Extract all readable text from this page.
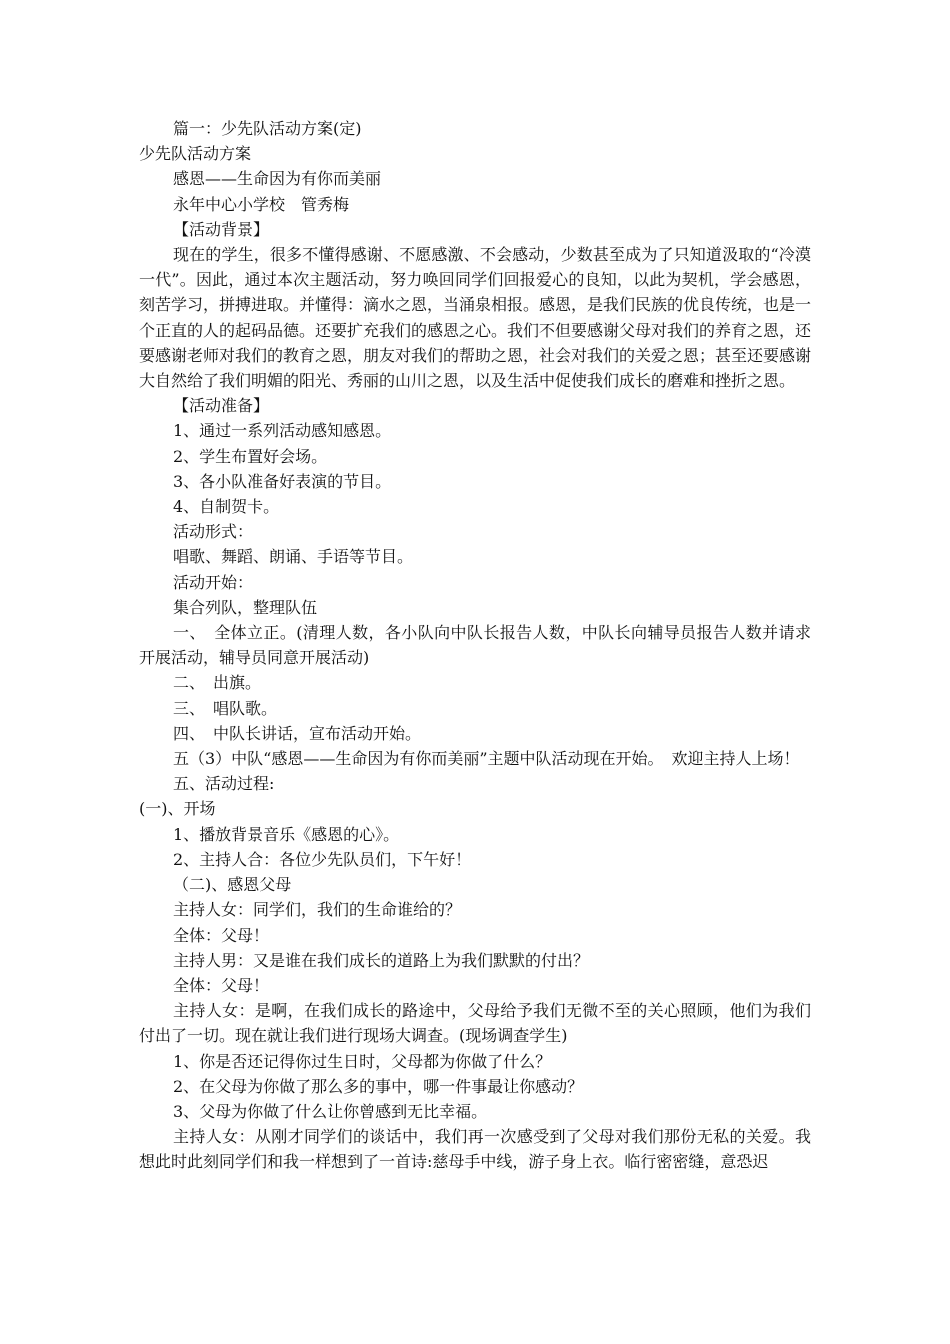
篇一：少先队活动方案(定)

少先队活动方案

感恩——生命因为有你而美丽

永年中心小学校　管秀梅

【活动背景】

现在的学生，很多不懂得感谢、不愿感激、不会感动，少数甚至成为了只知道汲取的“冷漠一代”。因此，通过本次主题活动，努力唤回同学们回报爱心的良知，以此为契机，学会感恩，刻苦学习，拼搏进取。并懂得：滴水之恩，当涌泉相报。感恩，是我们民族的优良传统，也是一个正直的人的起码品德。还要扩充我们的感恩之心。我们不但要感谢父母对我们的养育之恩，还要感谢老师对我们的教育之恩，朋友对我们的帮助之恩，社会对我们的关爱之恩；甚至还要感谢大自然给了我们明媚的阳光、秀丽的山川之恩，以及生活中促使我们成长的磨难和挫折之恩。

【活动准备】

1、通过一系列活动感知感恩。

2、学生布置好会场。

3、各小队准备好表演的节目。

4、自制贺卡。

活动形式：

唱歌、舞蹈、朗诵、手语等节目。

活动开始：

集合列队，整理队伍

一、　全体立正。(清理人数，各小队向中队长报告人数，中队长向辅导员报告人数并请求开展活动，辅导员同意开展活动)

二、　出旗。

三、　唱队歌。

四、　中队长讲话，宣布活动开始。

五（3）中队“感恩——生命因为有你而美丽”主题中队活动现在开始。　欢迎主持人上场！

五、活动过程:

(一)、开场

1、播放背景音乐《感恩的心》。

2、主持人合：各位少先队员们，下午好！

（二)、感恩父母

主持人女：同学们，我们的生命谁给的？

全体：父母！

主持人男：又是谁在我们成长的道路上为我们默默的付出？

全体：父母！

主持人女：是啊，在我们成长的路途中，父母给予我们无微不至的关心照顾，他们为我们付出了一切。现在就让我们进行现场大调查。(现场调查学生)

1、你是否还记得你过生日时，父母都为你做了什么？

2、在父母为你做了那么多的事中，哪一件事最让你感动？

3、父母为你做了什么让你曾感到无比幸福。

主持人女：从刚才同学们的谈话中，我们再一次感受到了父母对我们那份无私的关爱。我想此时此刻同学们和我一样想到了一首诗:慈母手中线，游子身上衣。临行密密缝，意恐迟
